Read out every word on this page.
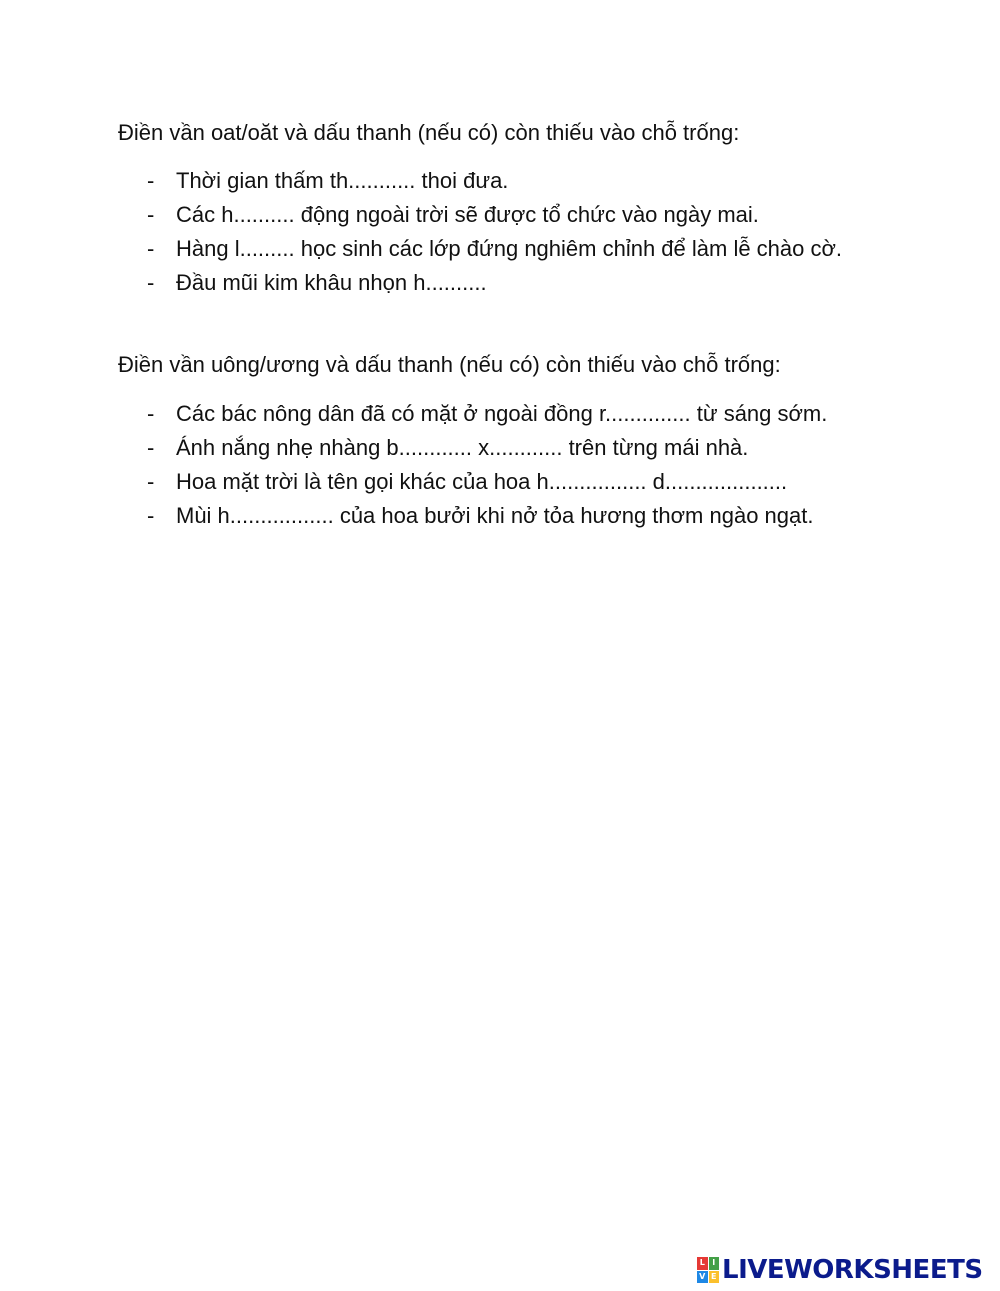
Điền vần oat/oăt và dấu thanh (nếu có) còn thiếu vào chỗ trống:

- Thời gian thấm th........... thoi đưa.
- Các h.......... động ngoài trời sẽ được tổ chức vào ngày mai.
- Hàng l......... học sinh các lớp đứng nghiêm chỉnh để làm lễ chào cờ.
- Đầu mũi kim khâu nhọn h..........

Điền vần uông/ương và dấu thanh (nếu có) còn thiếu vào chỗ trống:

- Các bác nông dân đã có mặt ở ngoài đồng r.............. từ sáng sớm.
- Ánh nắng nhẹ nhàng b............ x............ trên từng mái nhà.
- Hoa mặt trời là tên gọi khác của hoa h................ d....................
- Mùi h................. của hoa bưởi khi nở tỏa hương thơm ngào ngạt.
L I
V E LIVEWORKSHEETS
